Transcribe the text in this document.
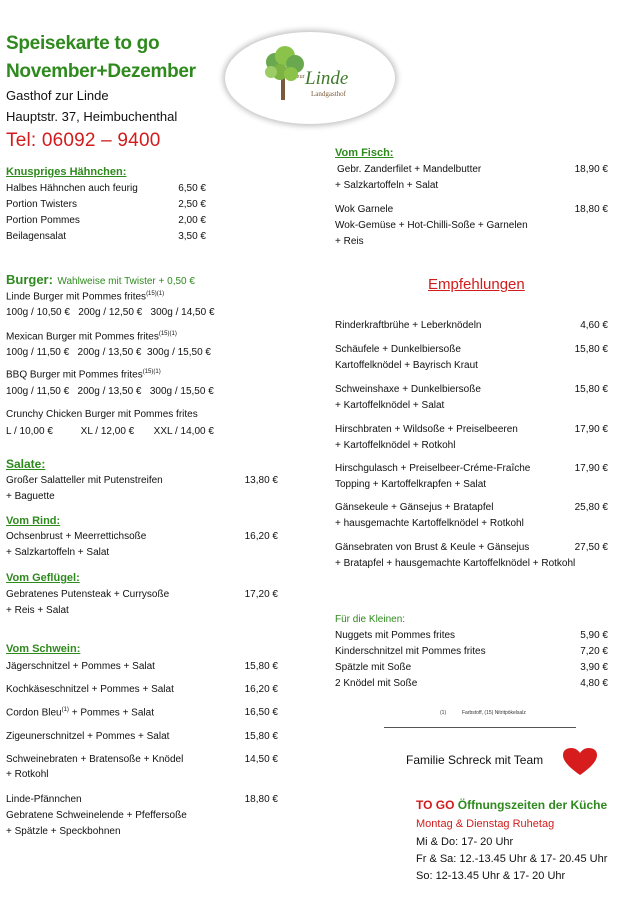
Speisekarte to go
November+Dezember
Gasthof zur Linde
Hauptstr. 37, Heimbuchenthal
Tel: 06092 – 9400
zur Linde
Landgasthof
Knuspriges Hähnchen:
Halbes Hähnchen auch feurig	6,50 €
Portion Twisters	2,50 €
Portion Pommes	2,00 €
Beilagensalat	3,50 €
Burger: Wahlweise mit Twister + 0,50 €
Linde Burger mit Pommes frites$^{(15)(1)}$
100g / 10,50 €   200g / 12,50 €   300g / 14,50 €
Mexican Burger mit Pommes frites$^{(15)(1)}$
100g / 11,50 €   200g / 13,50 €  300g / 15,50 €
BBQ Burger mit Pommes frites$^{(15)(1)}$
100g / 11,50 €   200g / 13,50 €   300g / 15,50 €
Crunchy Chicken Burger mit Pommes frites
L / 10,00 €          XL / 12,00 €       XXL / 14,00 €
Salate:
Großer Salatteller mit Putenstreifen
+ Baguette
13,80 €
Vom Rind:
Ochsenbrust + Meerrettichsoße
+ Salzkartoffeln + Salat
16,20 €
Vom Geflügel:
Gebratenes Putensteak + Currysoße
+ Reis + Salat
17,20 €
Vom Schwein:
Jägerschnitzel + Pommes + Salat	15,80 €
Kochkäseschnitzel + Pommes + Salat	16,20 €
Cordon Bleu$^{(1)}$ + Pommes + Salat	16,50 €
Zigeunerschnitzel + Pommes + Salat	15,80 €
Schweinebraten + Bratensoße + Knödel
+ Rotkohl
14,50 €
Linde-Pfännchen
Gebratene Schweinelende + Pfeffersoße
+ Spätzle + Speckbohnen
18,80 €
Vom Fisch:
Gebr. Zanderfilet + Mandelbutter
+ Salzkartoffeln + Salat
18,90 €
Wok Garnele
Wok-Gemüse + Hot-Chilli-Soße + Garnelen
+ Reis
18,80 €
Empfehlungen
Rinderkraftbrühe + Leberknödeln	4,60 €
Schäufele + Dunkelbiersoße
Kartoffelknödel + Bayrisch Kraut
15,80 €
Schweinshaxe + Dunkelbiersoße
+ Kartoffelknödel + Salat
15,80 €
Hirschbraten + Wildsoße + Preiselbeeren
+ Kartoffelknödel + Rotkohl
17,90 €
Hirschgulasch + Preiselbeer-Créme-Fraîche
Topping + Kartoffelkrapfen + Salat
17,90 €
Gänsekeule + Gänsejus + Bratapfel
+ hausgemachte Kartoffelknödel + Rotkohl
25,80 €
Gänsebraten von Brust & Keule + Gänsejus
+ Bratapfel + hausgemachte Kartoffelknödel + Rotkohl
27,50 €
Für die Kleinen:
Nuggets mit Pommes frites	5,90 €
Kinderschnitzel mit Pommes frites	7,20 €
Spätzle mit Soße	3,90 €
2 Knödel mit Soße	4,80 €
(1)	Farbstoff, (15) Nitritpökelsalz
Familie Schreck mit Team
TO GO Öffnungszeiten der Küche
Montag & Dienstag Ruhetag
Mi & Do: 17- 20 Uhr
Fr & Sa: 12.-13.45 Uhr & 17- 20.45 Uhr
So: 12-13.45 Uhr & 17- 20 Uhr
